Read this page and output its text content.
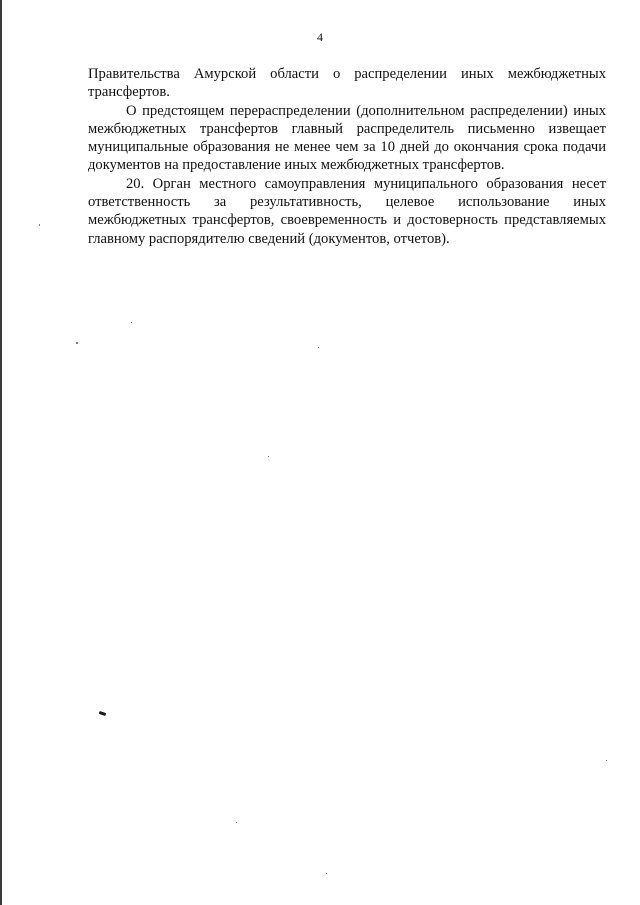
4

Правительства Амурской области о распределении иных межбюджетных трансфертов.

О предстоящем перераспределении (дополнительном распределении) иных межбюджетных трансфертов главный распределитель письменно извещает муниципальные образования не менее чем за 10 дней до окончания срока подачи документов на предоставление иных межбюджетных трансфертов.

20. Орган местного самоуправления муниципального образования несет ответственность за результативность, целевое использование иных межбюджетных трансфертов, своевременность и достоверность представляемых главному распорядителю сведений (документов, отчетов).
